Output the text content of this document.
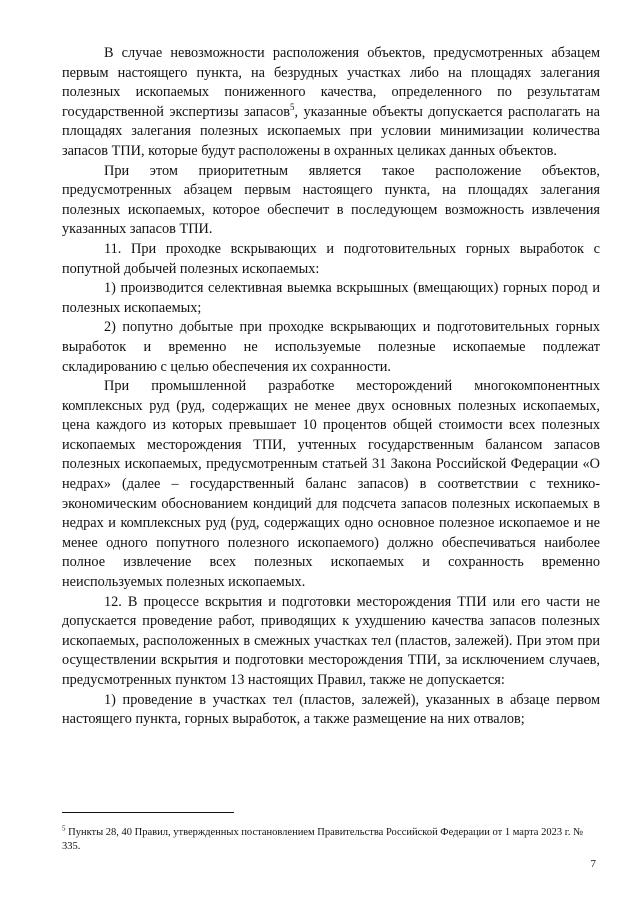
В случае невозможности расположения объектов, предусмотренных абзацем первым настоящего пункта, на безрудных участках либо на площадях залегания полезных ископаемых пониженного качества, определенного по результатам государственной экспертизы запасов$^5$, указанные объекты допускается располагать на площадях залегания полезных ископаемых при условии минимизации количества запасов ТПИ, которые будут расположены в охранных целиках данных объектов.

При этом приоритетным является такое расположение объектов, предусмотренных абзацем первым настоящего пункта, на площадях залегания полезных ископаемых, которое обеспечит в последующем возможность извлечения указанных запасов ТПИ.

11. При проходке вскрывающих и подготовительных горных выработок с попутной добычей полезных ископаемых:

1) производится селективная выемка вскрышных (вмещающих) горных пород и полезных ископаемых;

2) попутно добытые при проходке вскрывающих и подготовительных горных выработок и временно не используемые полезные ископаемые подлежат складированию с целью обеспечения их сохранности.

При промышленной разработке месторождений многокомпонентных комплексных руд (руд, содержащих не менее двух основных полезных ископаемых, цена каждого из которых превышает 10 процентов общей стоимости всех полезных ископаемых месторождения ТПИ, учтенных государственным балансом запасов полезных ископаемых, предусмотренным статьей 31 Закона Российской Федерации «О недрах» (далее – государственный баланс запасов) в соответствии с технико-экономическим обоснованием кондиций для подсчета запасов полезных ископаемых в недрах и комплексных руд (руд, содержащих одно основное полезное ископаемое и не менее одного попутного полезного ископаемого) должно обеспечиваться наиболее полное извлечение всех полезных ископаемых и сохранность временно неиспользуемых полезных ископаемых.

12. В процессе вскрытия и подготовки месторождения ТПИ или его части не допускается проведение работ, приводящих к ухудшению качества запасов полезных ископаемых, расположенных в смежных участках тел (пластов, залежей). При этом при осуществлении вскрытия и подготовки месторождения ТПИ, за исключением случаев, предусмотренных пунктом 13 настоящих Правил, также не допускается:

1) проведение в участках тел (пластов, залежей), указанных в абзаце первом настоящего пункта, горных выработок, а также размещение на них отвалов;

$^5$ Пункты 28, 40 Правил, утвержденных постановлением Правительства Российской Федерации от 1 марта 2023 г. № 335.
7
